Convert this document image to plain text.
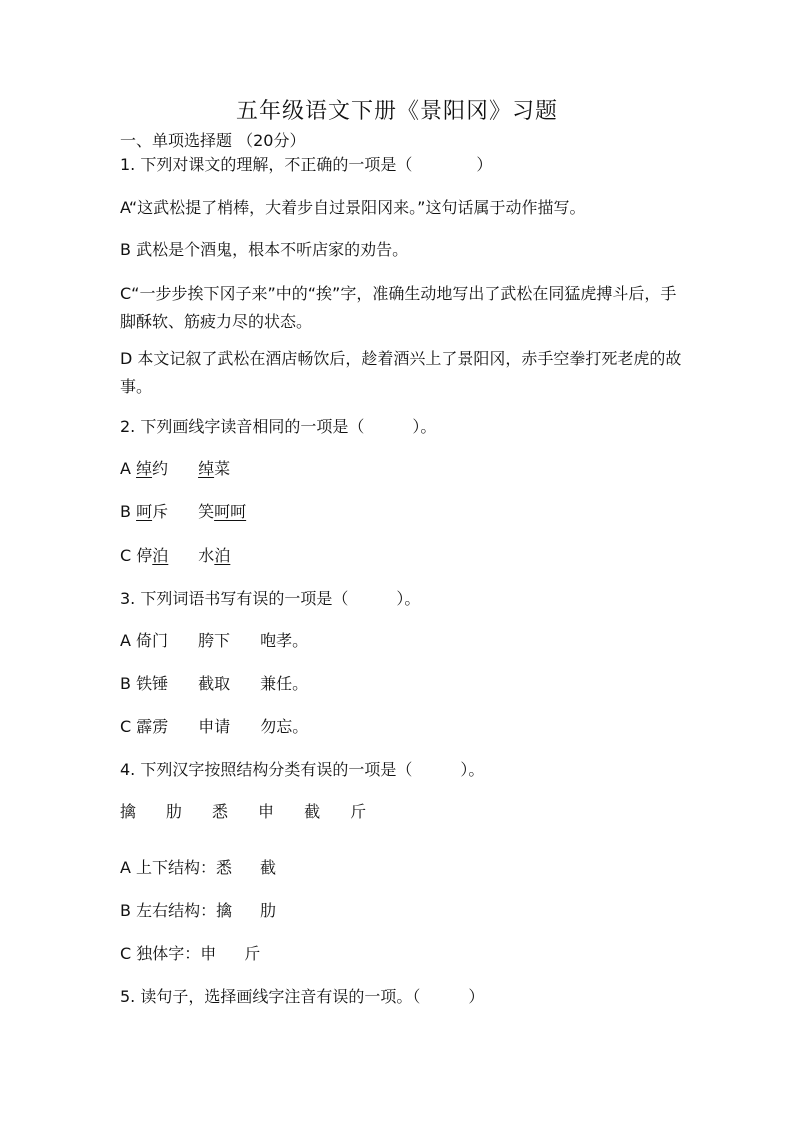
五年级语文下册《景阳冈》习题
一、单项选择题 （20分）
1. 下列对课文的理解，不正确的一项是（　　　　）
A“这武松提了梢棒，大着步自过景阳冈来。”这句话属于动作描写。
B 武松是个酒鬼，根本不听店家的劝告。
C“一步步挨下冈子来”中的“挨”字，准确生动地写出了武松在同猛虎搏斗后，手脚酥软、筋疲力尽的状态。
D 本文记叙了武松在酒店畅饮后，趁着酒兴上了景阳冈，赤手空拳打死老虎的故事。
2. 下列画线字读音相同的一项是（　　　）。
A 绰约 绰菜
B 呵斥 笑呵呵
C 停泊 水泊
3. 下列词语书写有误的一项是（　　　）。
A 倚门 胯下 咆孝。
B 铁锤 截取 兼任。
C 霹雳 申请 勿忘。
4. 下列汉字按照结构分类有误的一项是（　　　）。
擒 肋 悉 申 截 斤
A 上下结构：悉 截
B 左右结构：擒 肋
C 独体字：申 斤
5. 读句子，选择画线字注音有误的一项。（　　　）
